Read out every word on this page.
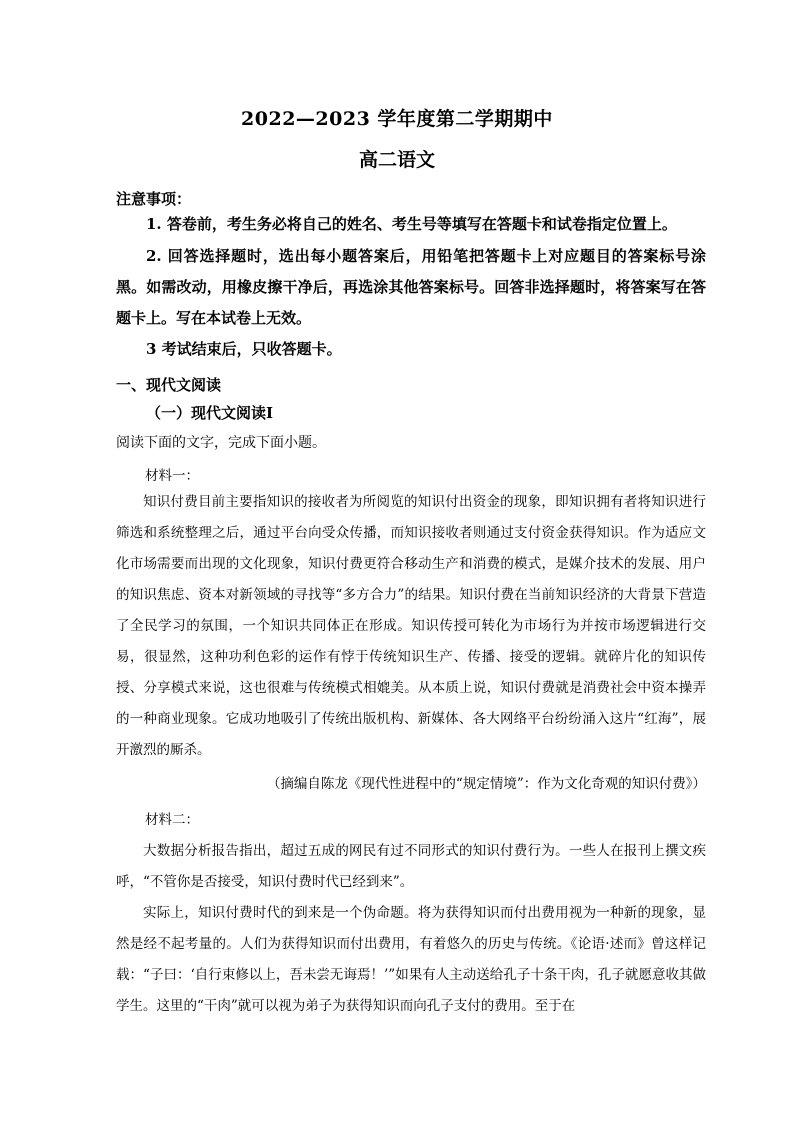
2022—2023 学年度第二学期期中
高二语文
注意事项：
1. 答卷前，考生务必将自己的姓名、考生号等填写在答题卡和试卷指定位置上。
2. 回答选择题时，选出每小题答案后，用铅笔把答题卡上对应题目的答案标号涂黑。如需改动，用橡皮擦干净后，再选涂其他答案标号。回答非选择题时，将答案写在答题卡上。写在本试卷上无效。
3 考试结束后，只收答题卡。
一、现代文阅读
（一）现代文阅读Ⅰ
阅读下面的文字，完成下面小题。
材料一：
知识付费目前主要指知识的接收者为所阅览的知识付出资金的现象，即知识拥有者将知识进行筛选和系统整理之后，通过平台向受众传播，而知识接收者则通过支付资金获得知识。作为适应文化市场需要而出现的文化现象，知识付费更符合移动生产和消费的模式，是媒介技术的发展、用户的知识焦虑、资本对新领域的寻找等“多方合力”的结果。知识付费在当前知识经济的大背景下营造了全民学习的氛围，一个知识共同体正在形成。知识传授可转化为市场行为并按市场逻辑进行交易，很显然，这种功利色彩的运作有悖于传统知识生产、传播、接受的逻辑。就碎片化的知识传授、分享模式来说，这也很难与传统模式相媲美。从本质上说，知识付费就是消费社会中资本操弄的一种商业现象。它成功地吸引了传统出版机构、新媒体、各大网络平台纷纷涌入这片“红海”，展开激烈的厮杀。
（摘编自陈龙《现代性进程中的“规定情境”：作为文化奇观的知识付费》）
材料二：
大数据分析报告指出，超过五成的网民有过不同形式的知识付费行为。一些人在报刊上撰文疾呼，“不管你是否接受，知识付费时代已经到来”。
实际上，知识付费时代的到来是一个伪命题。将为获得知识而付出费用视为一种新的现象，显然是经不起考量的。人们为获得知识而付出费用，有着悠久的历史与传统。《论语·述而》曾这样记载：“子曰：‘自行束修以上，吾未尝无诲焉！’”如果有人主动送给孔子十条干肉，孔子就愿意收其做学生。这里的“干肉”就可以视为弟子为获得知识而向孔子支付的费用。至于在
